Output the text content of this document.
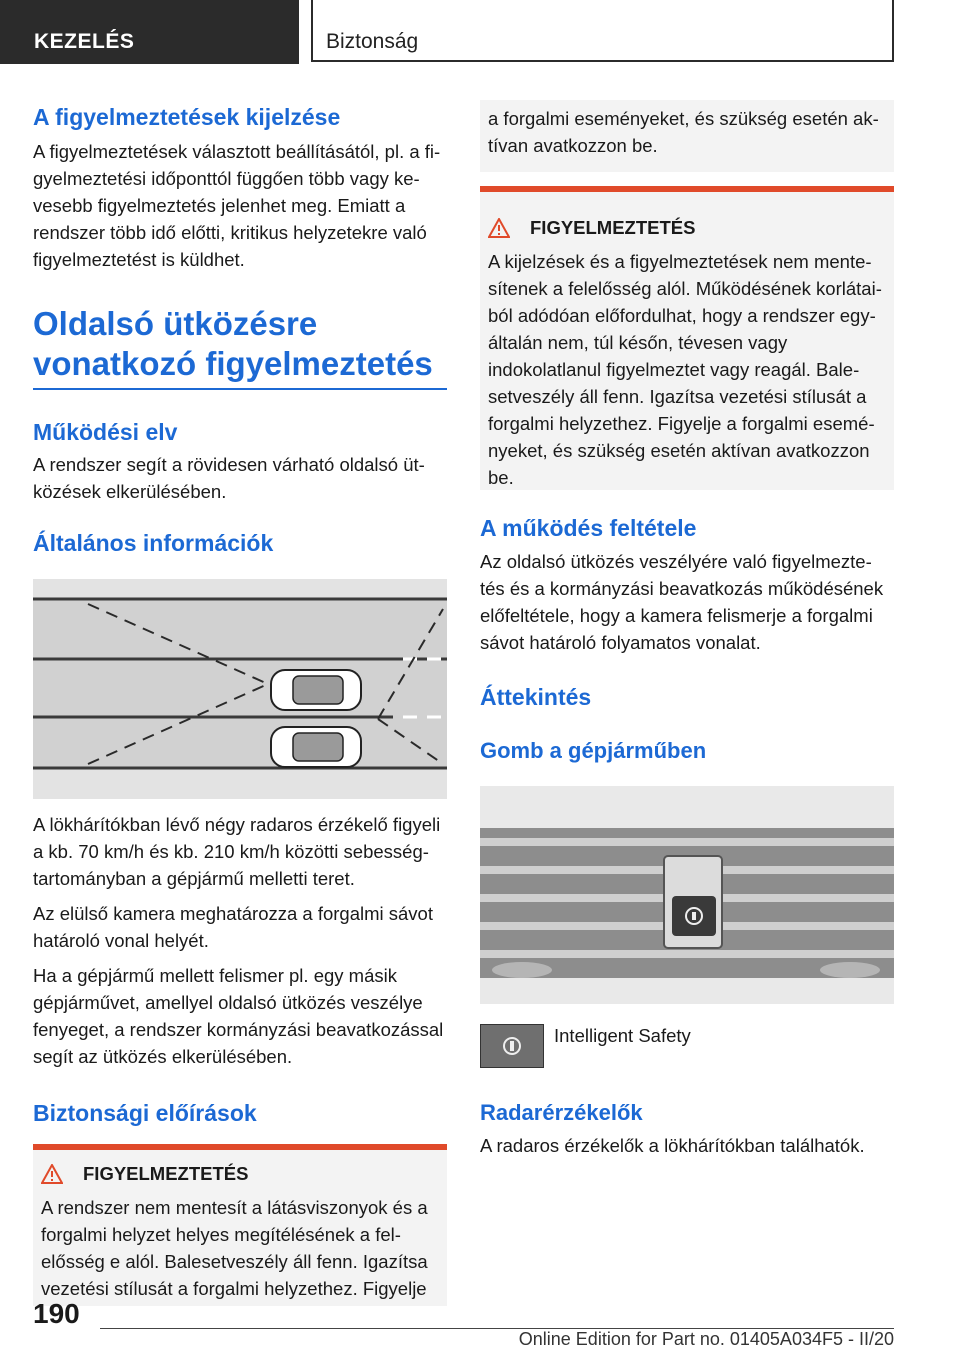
KEZELÉS	Biztonság
A figyelmeztetések kijelzése

A figyelmeztetések választott beállításától, pl. a fi-gyelmeztetési időponttól függően több vagy ke-vesebb figyelmeztetés jelenhet meg. Emiatt a rendszer több idő előtti, kritikus helyzetekre való figyelmeztetést is küldhet.

Oldalsó ütközésre
vonatkozó figyelmeztetés
Működési elv

A rendszer segít a rövidesen várható oldalsó üt-közések elkerülésében.

Általános információk

A lökhárítókban lévő négy radaros érzékelő figyeli a kb. 70 km/h és kb. 210 km/h közötti sebesség-tartományban a gépjármű melletti teret.

Az elülső kamera meghatározza a forgalmi sávot határoló vonal helyét.

Ha a gépjármű mellett felismer pl. egy másik gépjárművet, amellyel oldalsó ütközés veszélye fenyeget, a rendszer kormányzási beavatkozással segít az ütközés elkerülésében.

Biztonsági előírások
FIGYELMEZTETÉS

A rendszer nem mentesít a látásviszonyok és a forgalmi helyzet helyes megítélésének a fel-elősség e alól. Balesetveszély áll fenn. Igazítsa vezetési stílusát a forgalmi helyzethez. Figyelje

a forgalmi eseményeket, és szükség esetén ak-tívan avatkozzon be.

FIGYELMEZTETÉS

A kijelzések és a figyelmeztetések nem mente-sítenek a felelősség alól. Működésének korlátai-ból adódóan előfordulhat, hogy a rendszer egy-általán nem, túl későn, tévesen vagy indokolatlanul figyelmeztet vagy reagál. Bale-setveszély áll fenn. Igazítsa vezetési stílusát a forgalmi helyzethez. Figyelje a forgalmi esemé-nyeket, és szükség esetén aktívan avatkozzon be.

A működés feltétele

Az oldalsó ütközés veszélyére való figyelmezte-tés és a kormányzási beavatkozás működésének előfeltétele, hogy a kamera felismerje a forgalmi sávot határoló folyamatos vonalat.

Áttekintés
Gomb a gépjárműben

Intelligent Safety

Radarérzékelők

A radaros érzékelők a lökhárítókban találhatók.

190
Online Edition for Part no. 01405A034F5 - II/20
